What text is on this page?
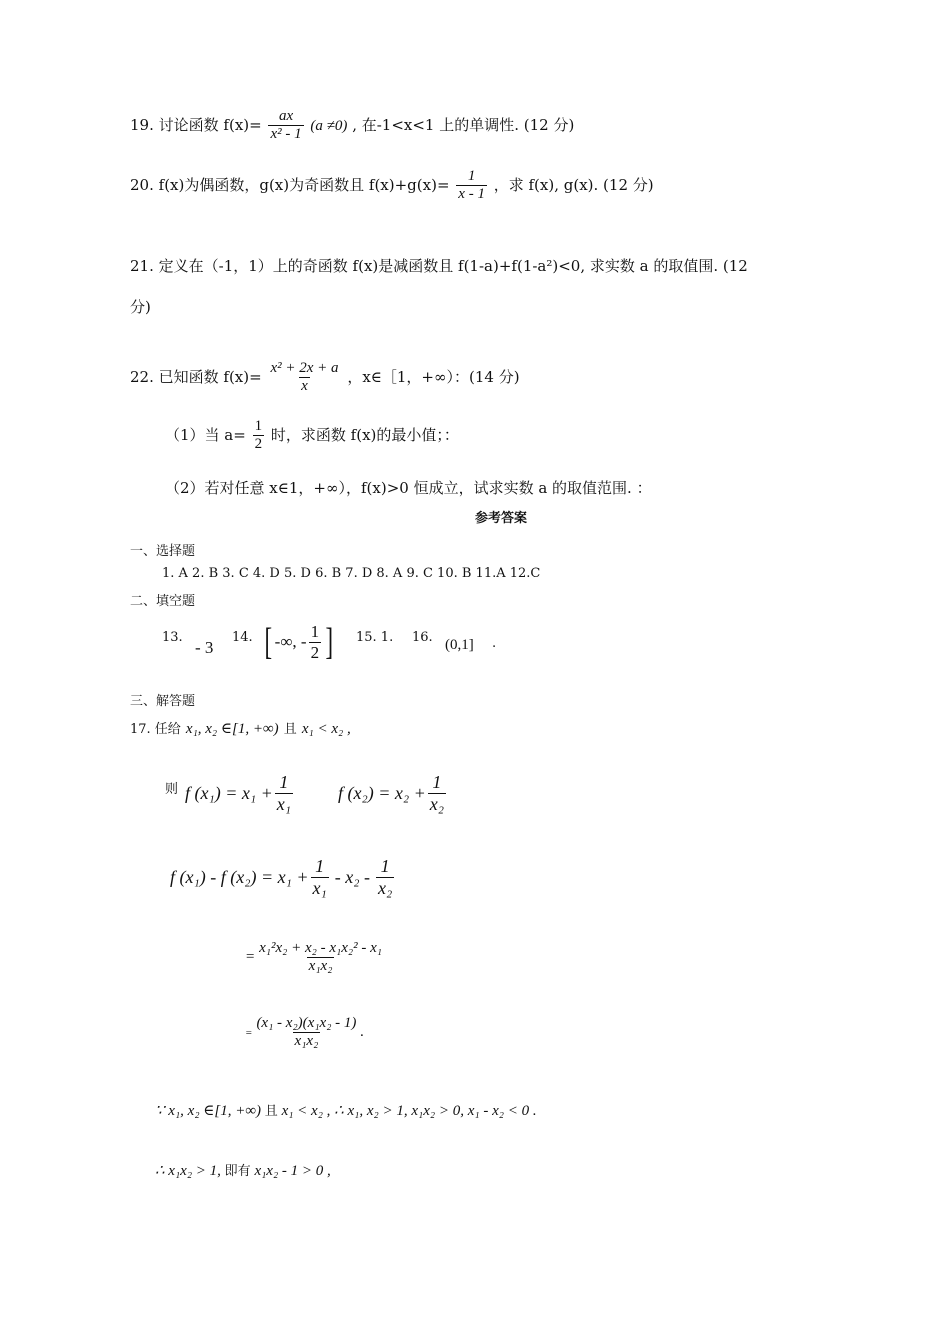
19. 讨论函数 $f(x)= \frac{ax}{\text{x² - 1}} (a \ne 0)$ , 在-1<x<1 上的单调性. (12 分)
20. f(x)为偶函数，g(x)为奇函数且 $f(x)+g(x)= \frac{1}{x - 1}$ ，求 f(x), g(x). (12 分)
21. 定义在（-1，1）上的奇函数 f(x)是减函数且 f(1-a)+f(1-a²)<0, 求实数 a 的取值围. (12
分)
22. 已知函数 $f(x)= \frac{\text{x² + 2x + a}}{x}$ ，x∈［1，+∞）：(14 分)
（1）当 $a= \frac{1}{2}$ 时，求函数 f(x)的最小值；：
（2）若对任意 x∈1，+∞），f(x)>0 恒成立，试求实数 a 的取值范围. ：
参考答案
一、选择题
1. A 2. B 3. C 4. D 5. D 6. B 7. D 8. A 9. C 10. B 11.A 12.C
二、填空题
13.
- 3
14. [ -∞, - $\frac{1}{2}$ ] 15. 1. 16. (0,1] .
三、解答题
17. 任给 x₁, x₂ ∈[1, +∞) 且 x₁ < x₂ ,
则 f $(x_1) = x_1 + \frac{1}{\text{x₁}}$ f $(x_2) = x_2 + \frac{1}{\text{x₂}}$
f (x₁) - f $(x_2) = x_1 + \frac{1}{\text{x₁}} - x_2 - \frac{1}{\text{x₂}}$
= $\frac{\text{x₁²x₂ + x₂ - x₁x₂² - x₁}}{\text{x₁x₂}}$
= $\frac{\text{(x₁ - x₂)(x₁x₂ - 1)}}{\text{x₁x₂}}$ .
∵ x₁, x₂ ∈[1, +∞) 且 x₁ < x₂ , ∴ x₁, x₂ > 1, x₁x₂ > 0, x₁ - x₂ < 0 .
∴ x₁x₂ > 1, 即有 x₁x₂ - 1 > 0 ,
